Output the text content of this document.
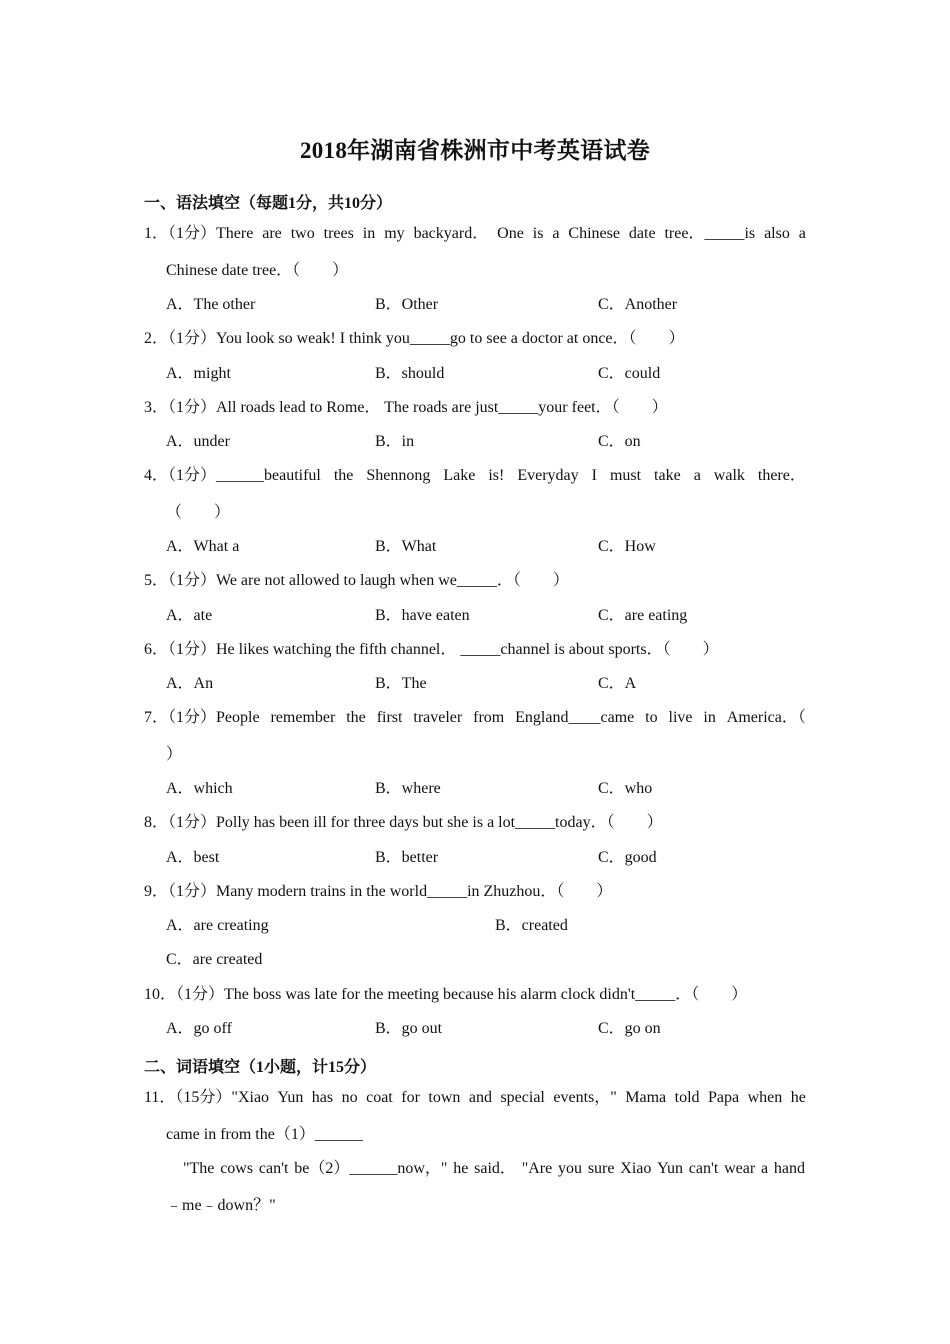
2018年湖南省株洲市中考英语试卷
一、语法填空（每题1分，共10分）
1．（1分）There are two trees in my backyard． One is a Chinese date tree．_____is also a
Chinese date tree．（　　）
A．The other	B．Other	C．Another
2．（1分）You look so weak! I think you_____go to see a doctor at once．（　　）
A．might	B．should	C．could
3．（1分）All roads lead to Rome． The roads are just_____your feet．（　　）
A．under	B．in	C．on
4．（1分）______beautiful the Shennong Lake is! Everyday I must take a walk there．
（　　）
A．What a	B．What	C．How
5．（1分）We are not allowed to laugh when we_____．（　　）
A．ate	B．have eaten	C．are eating
6．（1分）He likes watching the fifth channel． _____channel is about sports．（　　）
A．An	B．The	C．A
7．（1分）People remember the first traveler from England____came to live in America．（
）
A．which	B．where	C．who
8．（1分）Polly has been ill for three days but she is a lot_____today．（　　）
A．best	B．better	C．good
9．（1分）Many modern trains in the world_____in Zhuzhou．（　　）
A．are creating	B．created
C．are created
10．（1分）The boss was late for the meeting because his alarm clock didn't_____．（　　）
A．go off	B．go out	C．go on
二、词语填空（1小题，计15分）
11．（15分）"Xiao Yun has no coat for town and special events，" Mama told Papa when he
came in from the（1）______
"The cows can't be（2）______now，" he said． "Are you sure Xiao Yun can't wear a hand
﹣me﹣down？"
